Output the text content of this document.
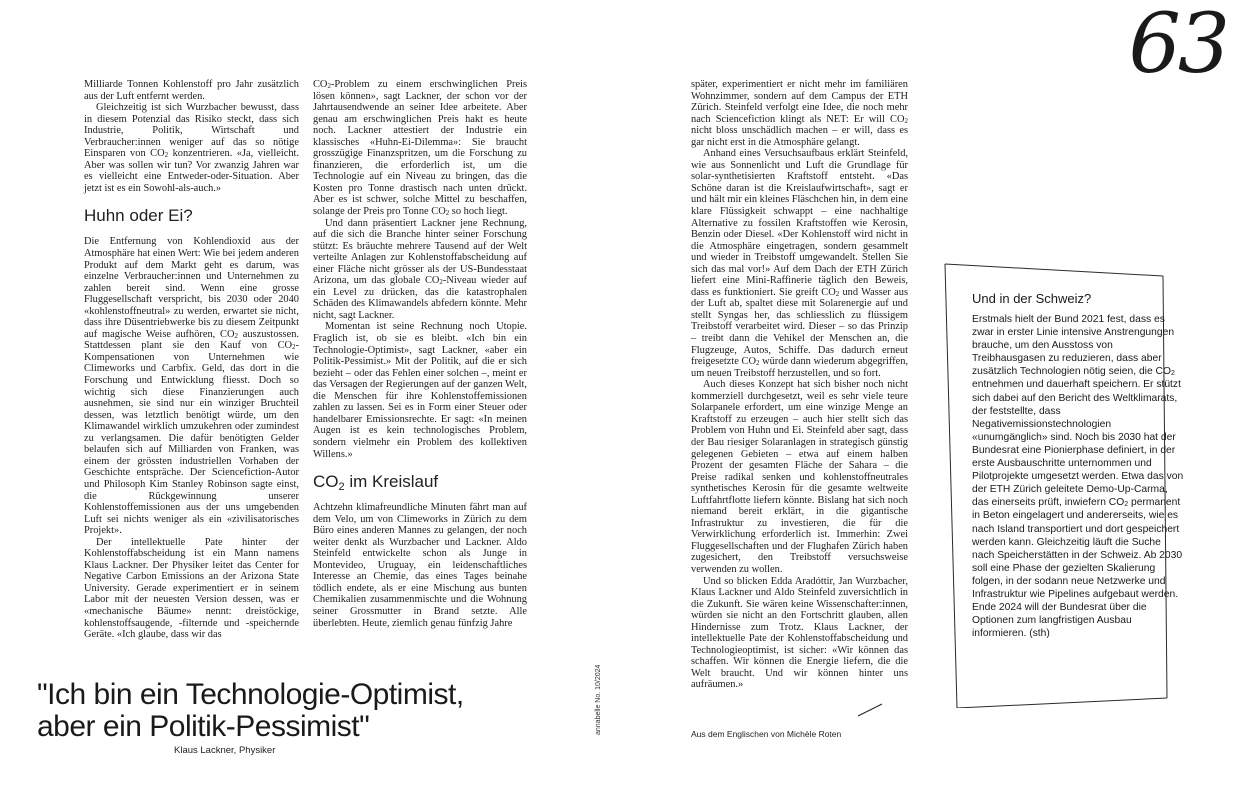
63

Milliarde Tonnen Kohlenstoff pro Jahr zusätzlich aus der Luft entfernt werden.

Gleichzeitig ist sich Wurzbacher bewusst, dass in diesem Potenzial das Risiko steckt, dass sich Industrie, Politik, Wirtschaft und Verbraucher:innen weniger auf das so nötige Einsparen von $CO_2$ konzentrieren. «Ja, vielleicht. Aber was sollen wir tun? Vor zwanzig Jahren war es vielleicht eine Entweder-oder-Situation. Aber jetzt ist es ein Sowohl-als-auch.»

Huhn oder Ei?

Die Entfernung von Kohlendioxid aus der Atmosphäre hat einen Wert: Wie bei jedem anderen Produkt auf dem Markt geht es darum, was einzelne Verbraucher:innen und Unternehmen zu zahlen bereit sind. Wenn eine grosse Fluggesellschaft verspricht, bis 2030 oder 2040 «kohlenstoffneutral» zu werden, erwartet sie nicht, dass ihre Düsentriebwerke bis zu diesem Zeitpunkt auf magische Weise aufhören, $CO_2$ auszustossen. Stattdessen plant sie den Kauf von $CO_2$-Kompensationen von Unternehmen wie Climeworks und Carbfix. Geld, das dort in die Forschung und Entwicklung fliesst. Doch so wichtig sich diese Finanzierungen auch ausnehmen, sie sind nur ein winziger Bruchteil dessen, was letztlich benötigt würde, um den Klimawandel wirklich umzukehren oder zumindest zu verlangsamen. Die dafür benötigten Gelder belaufen sich auf Milliarden von Franken, was einem der grössten industriellen Vorhaben der Geschichte entspräche. Der Sciencefiction-Autor und Philosoph Kim Stanley Robinson sagte einst, die Rückgewinnung unserer Kohlenstoffemissionen aus der uns umgebenden Luft sei nichts weniger als ein «zivilisatorisches Projekt».

Der intellektuelle Pate hinter der Kohlenstoffabscheidung ist ein Mann namens Klaus Lackner. Der Physiker leitet das Center for Negative Carbon Emissions an der Arizona State University. Gerade experimentiert er in seinem Labor mit der neuesten Version dessen, was er «mechanische Bäume» nennt: dreistöckige, kohlenstoffsaugende, -filternde und -speichernde Geräte. «Ich glaube, dass wir das

$CO_2$-Problem zu einem erschwinglichen Preis lösen können», sagt Lackner, der schon vor der Jahrtausendwende an seiner Idee arbeitete. Aber genau am erschwinglichen Preis hakt es heute noch. Lackner attestiert der Industrie ein klassisches «Huhn-Ei-Dilemma»: Sie braucht grosszügige Finanzspritzen, um die Forschung zu finanzieren, die erforderlich ist, um die Technologie auf ein Niveau zu bringen, das die Kosten pro Tonne drastisch nach unten drückt. Aber es ist schwer, solche Mittel zu beschaffen, solange der Preis pro Tonne $CO_2$ so hoch liegt.

Und dann präsentiert Lackner jene Rechnung, auf die sich die Branche hinter seiner Forschung stützt: Es bräuchte mehrere Tausend auf der Welt verteilte Anlagen zur Kohlenstoffabscheidung auf einer Fläche nicht grösser als der US-Bundesstaat Arizona, um das globale $CO_2$-Niveau wieder auf ein Level zu drücken, das die katastrophalen Schäden des Klimawandels abfedern könnte. Mehr nicht, sagt Lackner.

Momentan ist seine Rechnung noch Utopie. Fraglich ist, ob sie es bleibt. «Ich bin ein Technologie-Optimist», sagt Lackner, «aber ein Politik-Pessimist.» Mit der Politik, auf die er sich bezieht – oder das Fehlen einer solchen –, meint er das Versagen der Regierungen auf der ganzen Welt, die Menschen für ihre Kohlenstoffemissionen zahlen zu lassen. Sei es in Form einer Steuer oder handelbarer Emissionsrechte. Er sagt: «In meinen Augen ist es kein technologisches Problem, sondern vielmehr ein Problem des kollektiven Willens.»

$CO_2$ im Kreislauf

Achtzehn klimafreundliche Minuten fährt man auf dem Velo, um von Climeworks in Zürich zu dem Büro eines anderen Mannes zu gelangen, der noch weiter denkt als Wurzbacher und Lackner. Aldo Steinfeld entwickelte schon als Junge in Montevideo, Uruguay, ein leidenschaftliches Interesse an Chemie, das eines Tages beinahe tödlich endete, als er eine Mischung aus bunten Chemikalien zusammenmischte und die Wohnung seiner Grossmutter in Brand setzte. Alle überlebten. Heute, ziemlich genau fünfzig Jahre

später, experimentiert er nicht mehr im familiären Wohnzimmer, sondern auf dem Campus der ETH Zürich. Steinfeld verfolgt eine Idee, die noch mehr nach Sciencefiction klingt als NET: Er will $CO_2$ nicht bloss unschädlich machen – er will, dass es gar nicht erst in die Atmosphäre gelangt.

Anhand eines Versuchsaufbaus erklärt Steinfeld, wie aus Sonnenlicht und Luft die Grundlage für solar-synthetisierten Kraftstoff entsteht. «Das Schöne daran ist die Kreislaufwirtschaft», sagt er und hält mir ein kleines Fläschchen hin, in dem eine klare Flüssigkeit schwappt – eine nachhaltige Alternative zu fossilen Kraftstoffen wie Kerosin, Benzin oder Diesel. «Der Kohlenstoff wird nicht in die Atmosphäre eingetragen, sondern gesammelt und wieder in Treibstoff umgewandelt. Stellen Sie sich das mal vor!» Auf dem Dach der ETH Zürich liefert eine Mini-Raffinerie täglich den Beweis, dass es funktioniert. Sie greift $CO_2$ und Wasser aus der Luft ab, spaltet diese mit Solarenergie auf und stellt Syngas her, das schliesslich zu flüssigem Treibstoff verarbeitet wird. Dieser – so das Prinzip – treibt dann die Vehikel der Menschen an, die Flugzeuge, Autos, Schiffe. Das dadurch erneut freigesetzte $CO_2$ würde dann wiederum abgegriffen, um neuen Treibstoff herzustellen, und so fort.

Auch dieses Konzept hat sich bisher noch nicht kommerziell durchgesetzt, weil es sehr viele teure Solarpanele erfordert, um eine winzige Menge an Kraftstoff zu erzeugen – auch hier stellt sich das Problem von Huhn und Ei. Steinfeld aber sagt, dass der Bau riesiger Solaranlagen in strategisch günstig gelegenen Gebieten – etwa auf einem halben Prozent der gesamten Fläche der Sahara – die Preise radikal senken und kohlenstoffneutrales synthetisches Kerosin für die gesamte weltweite Luftfahrtflotte liefern könnte. Bislang hat sich noch niemand bereit erklärt, in die gigantische Infrastruktur zu investieren, die für die Verwirklichung erforderlich ist. Immerhin: Zwei Fluggesellschaften und der Flughafen Zürich haben zugesichert, den Treibstoff versuchsweise verwenden zu wollen.

Und so blicken Edda Aradóttir, Jan Wurzbacher, Klaus Lackner und Aldo Steinfeld zuversichtlich in die Zukunft. Sie wären keine Wissenschafter:innen, würden sie nicht an den Fortschritt glauben, allen Hindernisse zum Trotz. Klaus Lackner, der intellektuelle Pate der Kohlenstoffabscheidung und Technologieoptimist, ist sicher: «Wir können das schaffen. Wir können die Energie liefern, die die Welt braucht. Und wir können hinter uns aufräumen.»

Aus dem Englischen von Michèle Roten
"Ich bin ein Technologie-Optimist,
aber ein Politik-Pessimist"
Klaus Lackner, Physiker
annabelle No. 10/2024
Und in der Schweiz?

Erstmals hielt der Bund 2021 fest, dass es zwar in erster Linie intensive Anstrengungen brauche, um den Ausstoss von Treibhausgasen zu reduzieren, dass aber zusätzlich Technologien nötig seien, die $CO_2$ entnehmen und dauerhaft speichern. Er stützt sich dabei auf den Bericht des Weltklimarats, der feststellte, dass Negativemissionstechnologien «unumgänglich» sind. Noch bis 2030 hat der Bundesrat eine Pionierphase definiert, in der erste Ausbauschritte unternommen und Pilotprojekte umgesetzt werden. Etwa das von der ETH Zürich geleitete Demo-Up-Carma, das einerseits prüft, inwiefern $CO_2$ permanent in Beton eingelagert und andererseits, wie es nach Island transportiert und dort gespeichert werden kann. Gleichzeitig läuft die Suche nach Speicherstätten in der Schweiz. Ab 2030 soll eine Phase der gezielten Skalierung folgen, in der sodann neue Netzwerke und Infrastruktur wie Pipelines aufgebaut werden. Ende 2024 will der Bundesrat über die Optionen zum langfristigen Ausbau informieren. (sth)
